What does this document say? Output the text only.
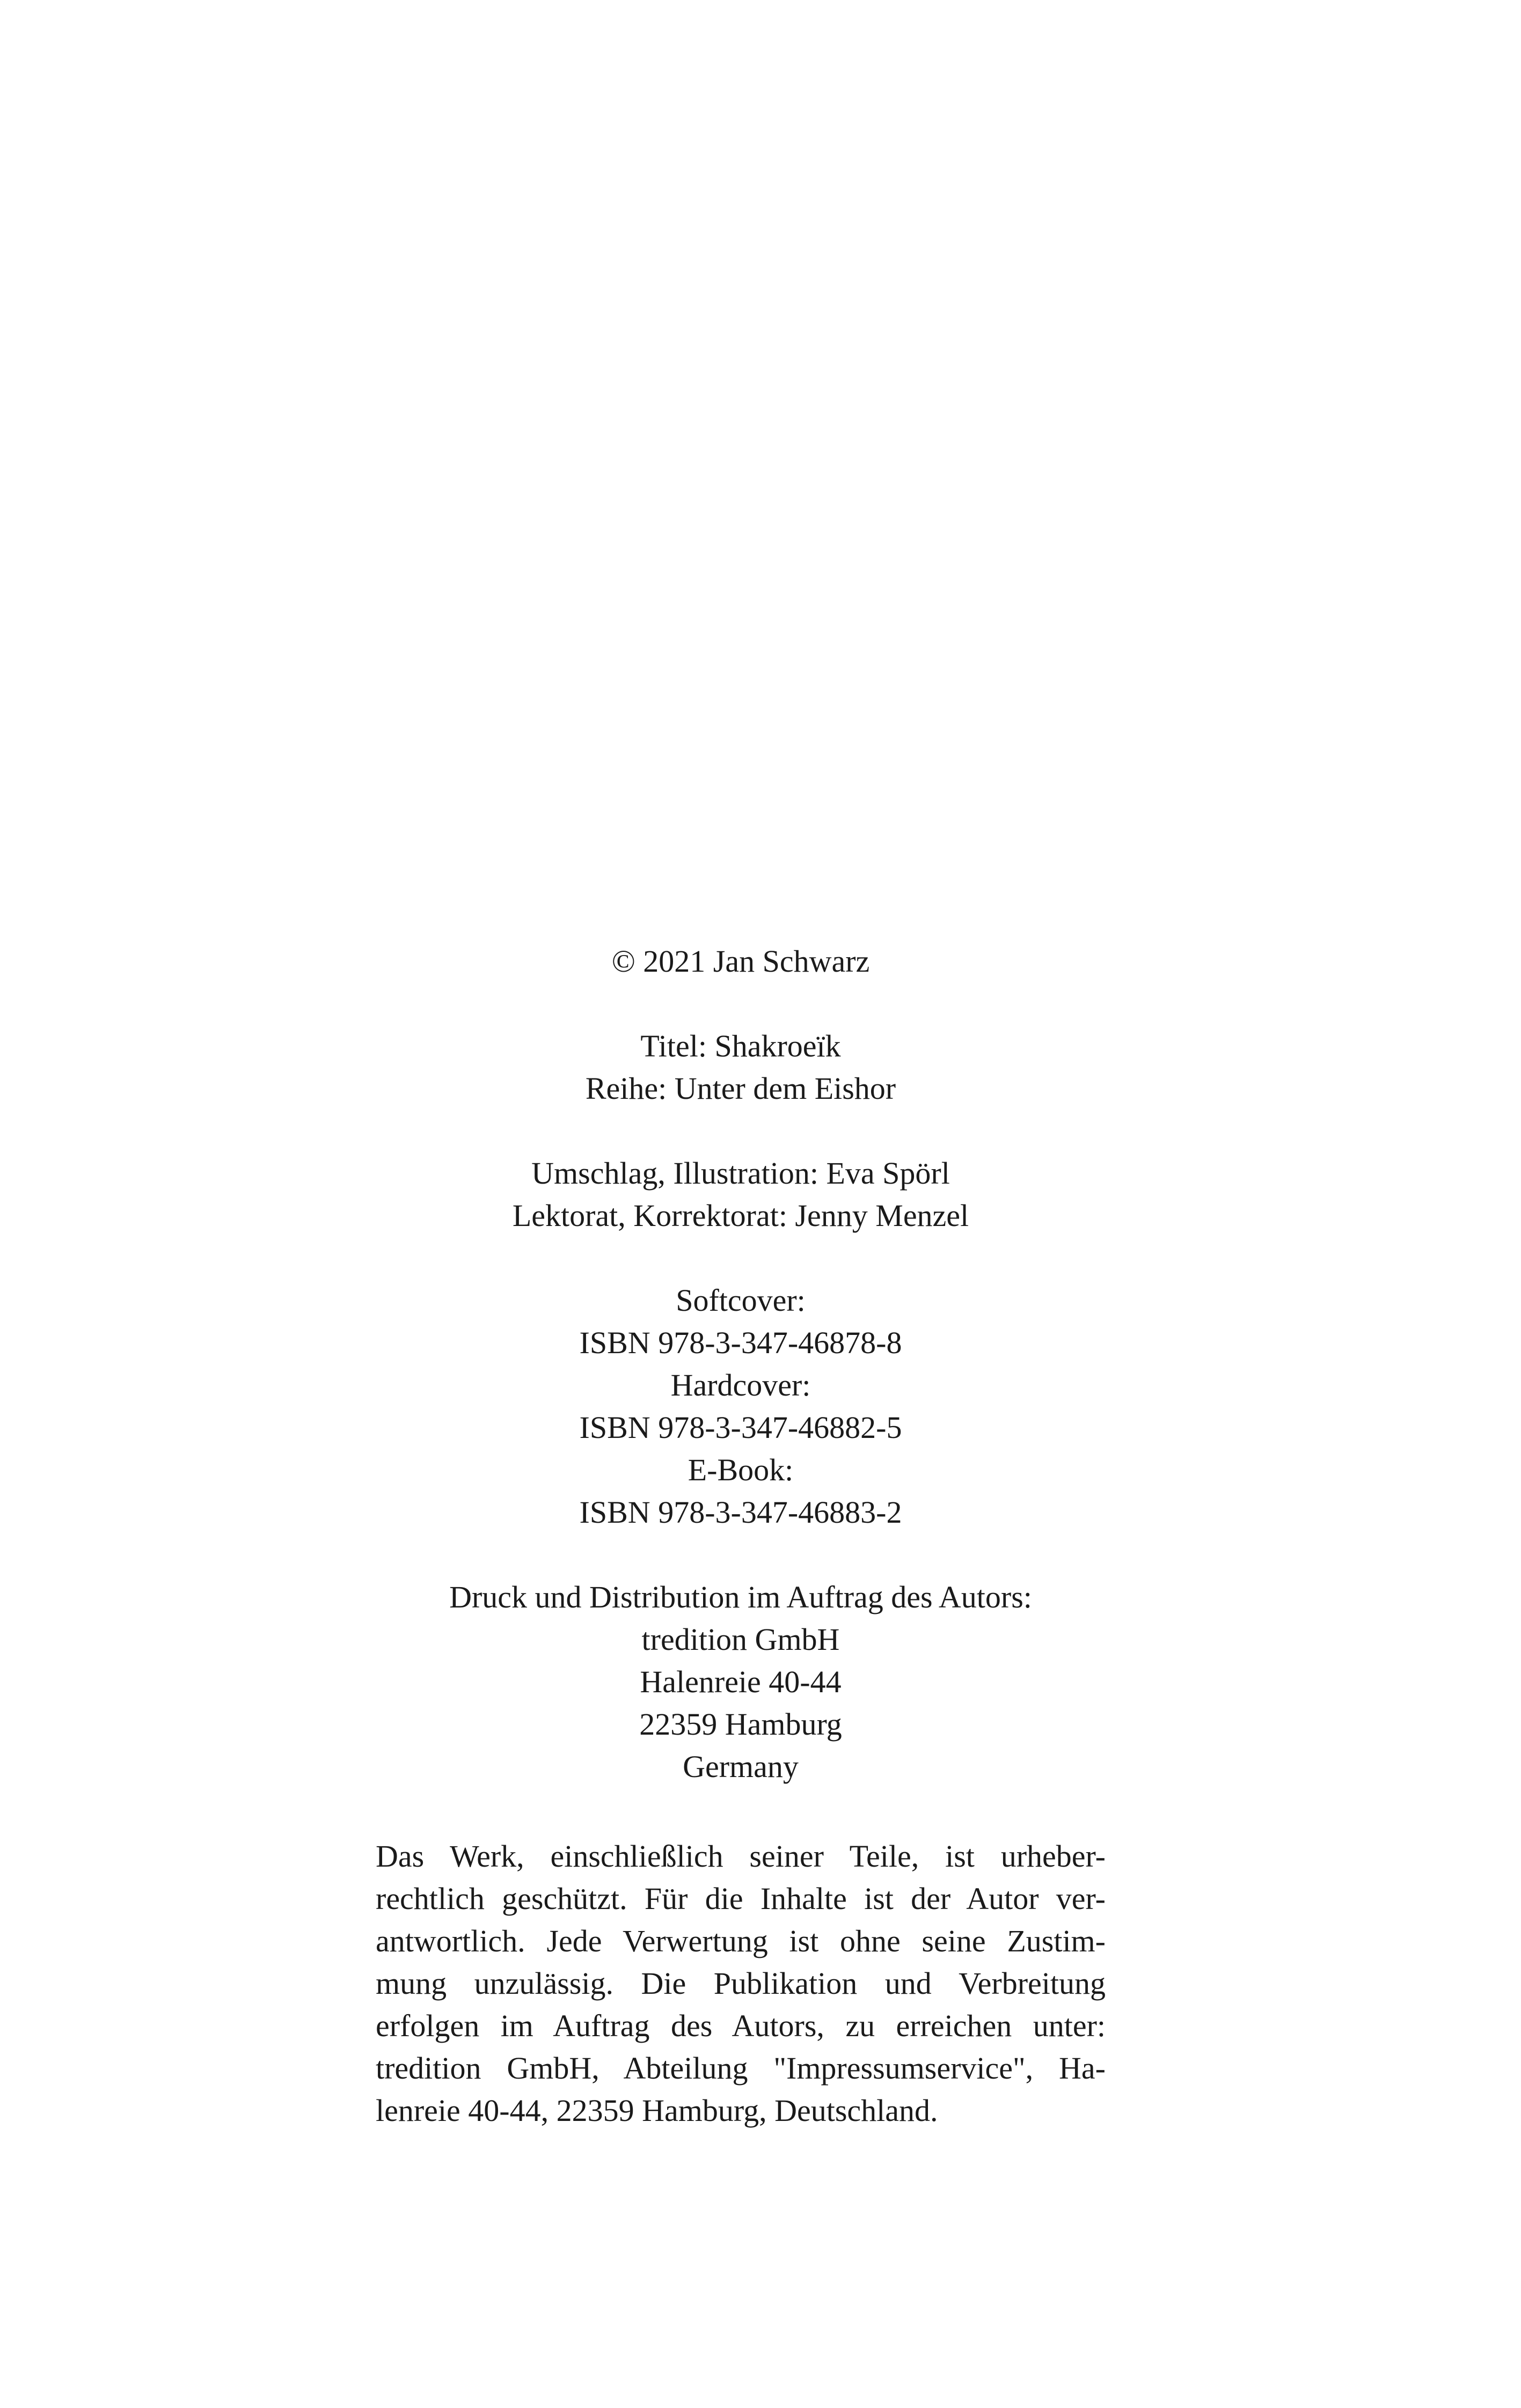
© 2021 Jan Schwarz
Titel: Shakroeïk
Reihe: Unter dem Eishor
Umschlag, Illustration: Eva Spörl
Lektorat, Korrektorat: Jenny Menzel
Softcover:
ISBN 978-3-347-46878-8
Hardcover:
ISBN 978-3-347-46882-5
E-Book:
ISBN 978-3-347-46883-2
Druck und Distribution im Auftrag des Autors:
tredition GmbH
Halenreie 40-44
22359 Hamburg
Germany
Das Werk, einschließlich seiner Teile, ist urheber-
rechtlich geschützt. Für die Inhalte ist der Autor ver-
antwortlich. Jede Verwertung ist ohne seine Zustim-
mung unzulässig. Die Publikation und Verbreitung
erfolgen im Auftrag des Autors, zu erreichen unter:
tredition GmbH, Abteilung "Impressumservice", Ha-
lenreie 40-44, 22359 Hamburg, Deutschland.
